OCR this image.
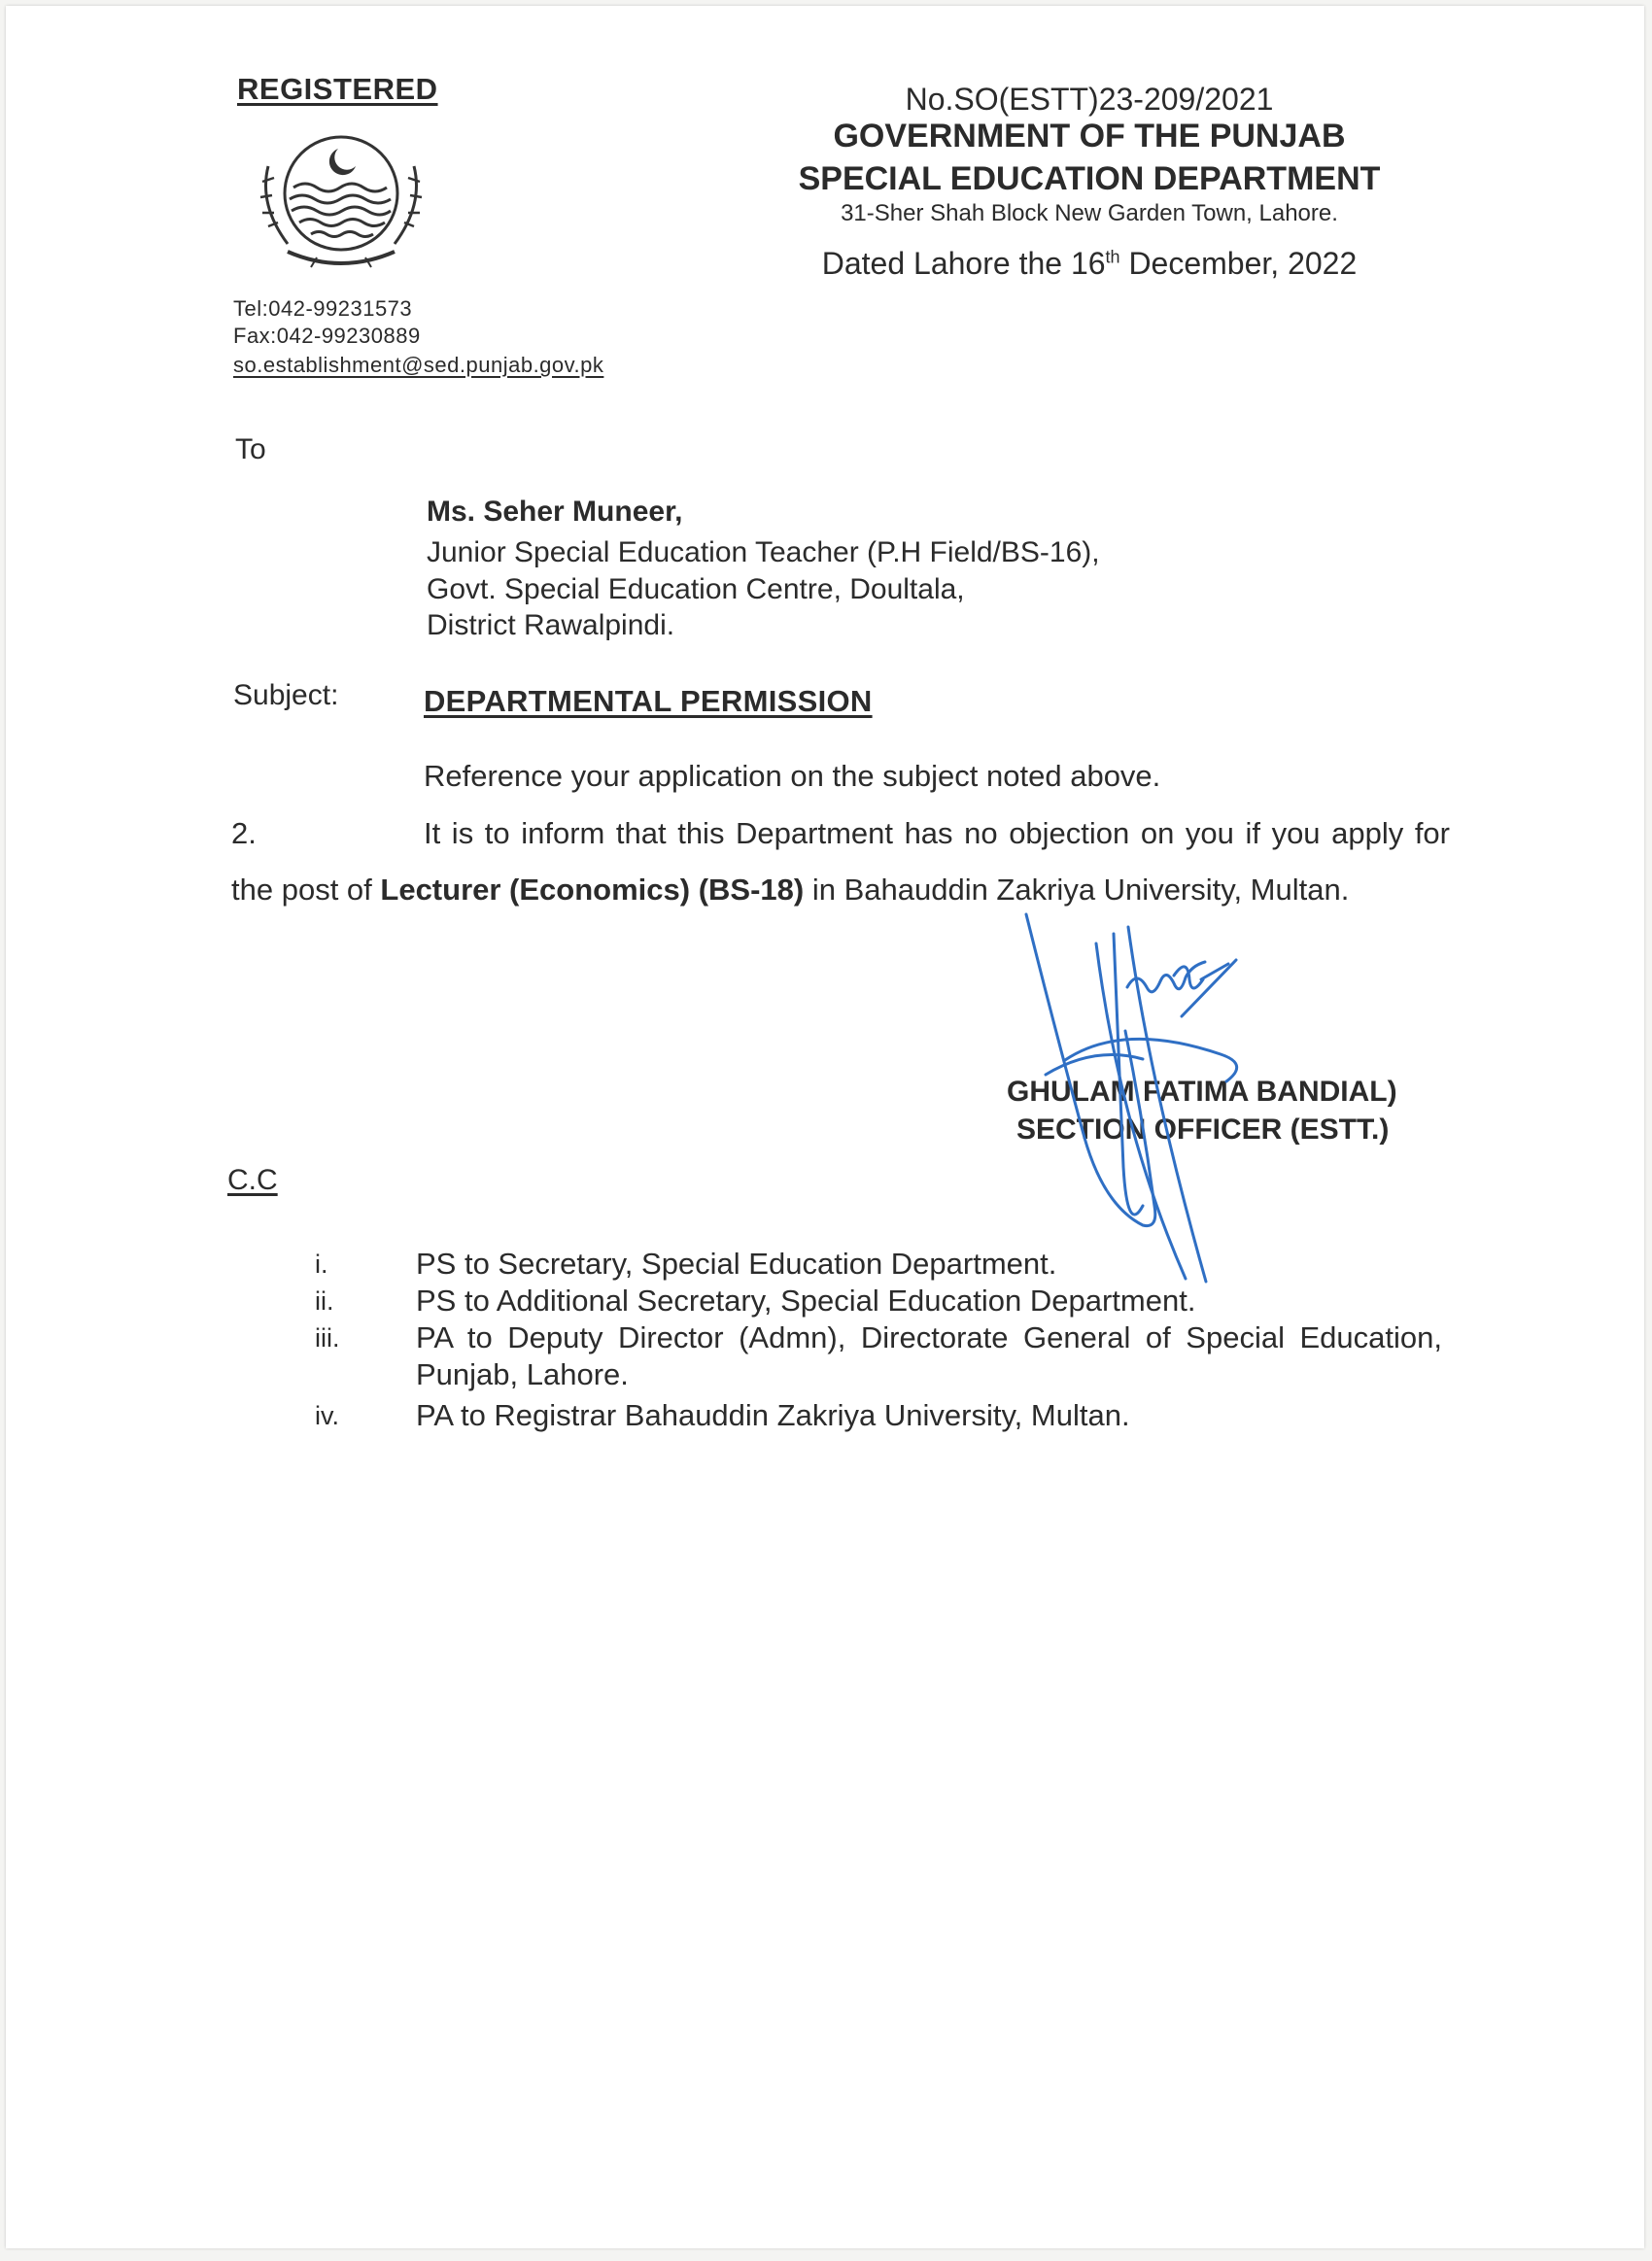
REGISTERED
Tel:042-99231573
Fax:042-99230889
so.establishment@sed.punjab.gov.pk
No.SO(ESTT)23-209/2021
GOVERNMENT OF THE PUNJAB
SPECIAL EDUCATION DEPARTMENT
31-Sher Shah Block New Garden Town, Lahore.
Dated Lahore the 16th December, 2022
To
Ms. Seher Muneer,
Junior Special Education Teacher (P.H Field/BS-16),
Govt. Special Education Centre, Doultala,
District Rawalpindi.
Subject:	DEPARTMENTAL PERMISSION
Reference your application on the subject noted above.
2.	It is to inform that this Department has no objection on you if you apply for the post of Lecturer (Economics) (BS-18) in Bahauddin Zakriya University, Multan.
GHULAM FATIMA BANDIAL)
SECTION OFFICER (ESTT.)
C.C
i.	PS to Secretary, Special Education Department.
ii.	PS to Additional Secretary, Special Education Department.
iii.	PA to Deputy Director (Admn), Directorate General of Special Education, Punjab, Lahore.
iv.	PA to Registrar Bahauddin Zakriya University, Multan.
